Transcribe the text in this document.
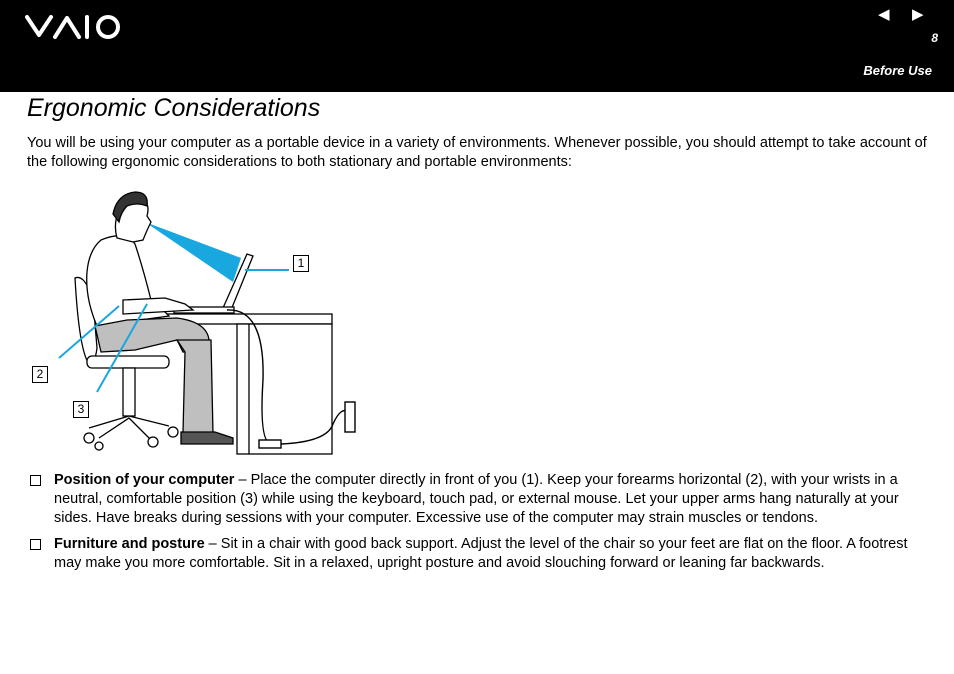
◀ ▶
8
Before Use
Ergonomic Considerations

You will be using your computer as a portable device in a variety of environments. Whenever possible, you should attempt to take account of the following ergonomic considerations to both stationary and portable environments:

1
2
3
Position of your computer – Place the computer directly in front of you (1). Keep your forearms horizontal (2), with your wrists in a neutral, comfortable position (3) while using the keyboard, touch pad, or external mouse. Let your upper arms hang naturally at your sides. Have breaks during sessions with your computer. Excessive use of the computer may strain muscles or tendons.
Furniture and posture – Sit in a chair with good back support. Adjust the level of the chair so your feet are flat on the floor. A footrest may make you more comfortable. Sit in a relaxed, upright posture and avoid slouching forward or leaning far backwards.
